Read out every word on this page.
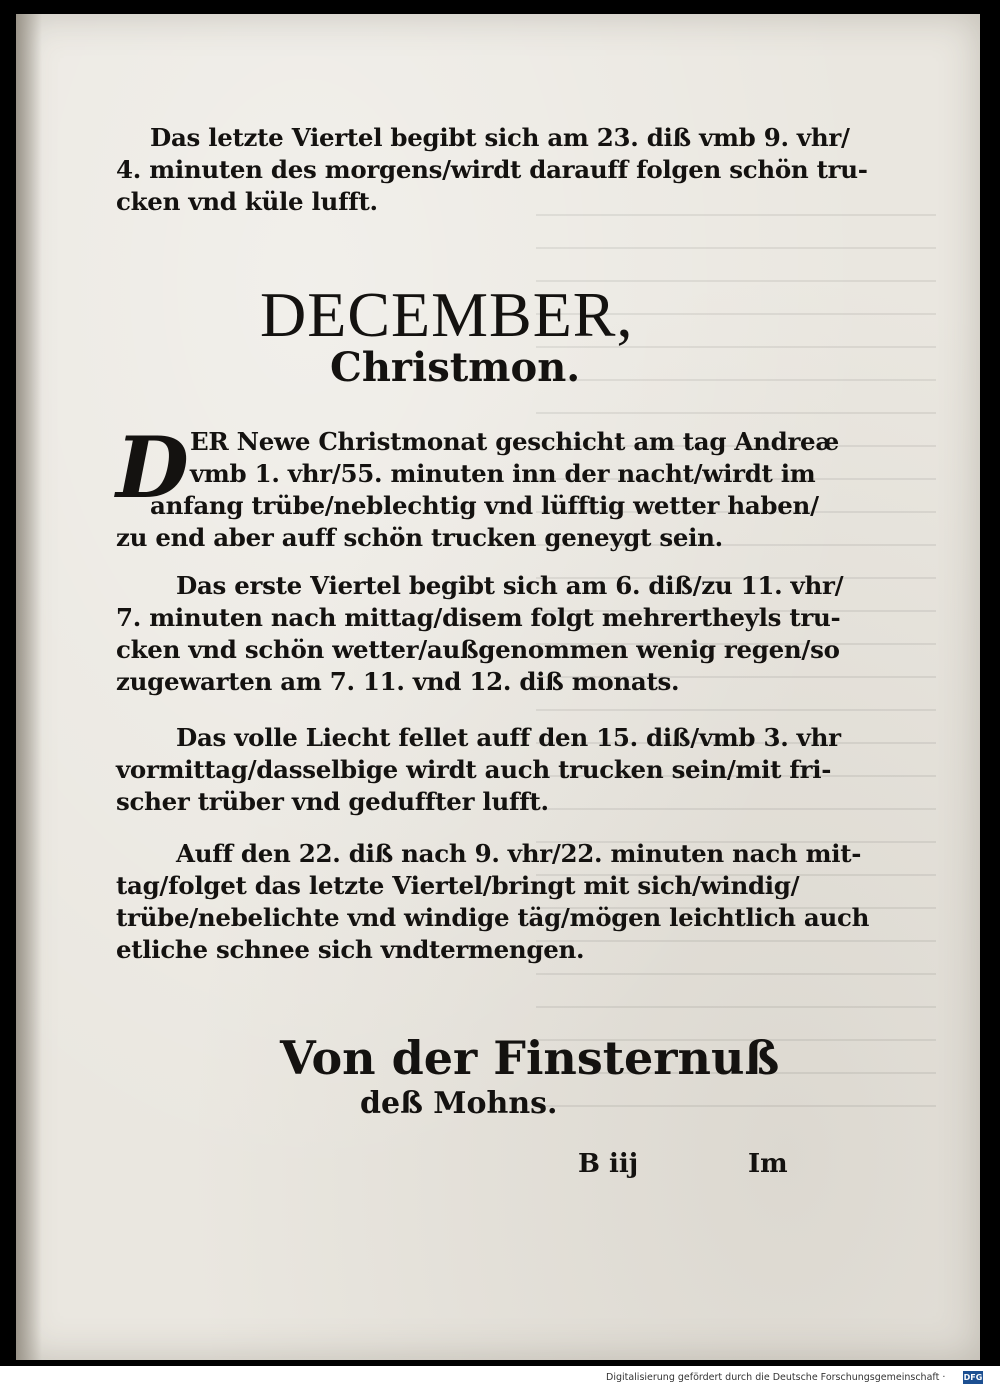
Das letzte Viertel begibt sich am 23. diß vmb 9. vhr/

4. minuten des morgens/wirdt darauff folgen schön tru-

cken vnd küle lufft.

DECEMBER,
Christmon.
D ER Newe Christmonat geschicht am tag Andreæ

vmb 1. vhr/55. minuten inn der nacht/wirdt im

anfang trübe/neblechtig vnd lüfftig wetter haben/

zu end aber auff schön trucken geneygt sein.

Das erste Viertel begibt sich am 6. diß/zu 11. vhr/

7. minuten nach mittag/disem folgt mehrertheyls tru-

cken vnd schön wetter/außgenommen wenig regen/so

zugewarten am 7. 11. vnd 12. diß monats.

Das volle Liecht fellet auff den 15. diß/vmb 3. vhr

vormittag/dasselbige wirdt auch trucken sein/mit fri-

scher trüber vnd geduffter lufft.

Auff den 22. diß nach 9. vhr/22. minuten nach mit-

tag/folget das letzte Viertel/bringt mit sich/windig/

trübe/nebelichte vnd windige täg/mögen leichtlich auch

etliche schnee sich vndtermengen.

Von der Finsternuß
deß Mohns.
B iij	Im
Digitalisierung gefördert durch die Deutsche Forschungsgemeinschaft · DFG
